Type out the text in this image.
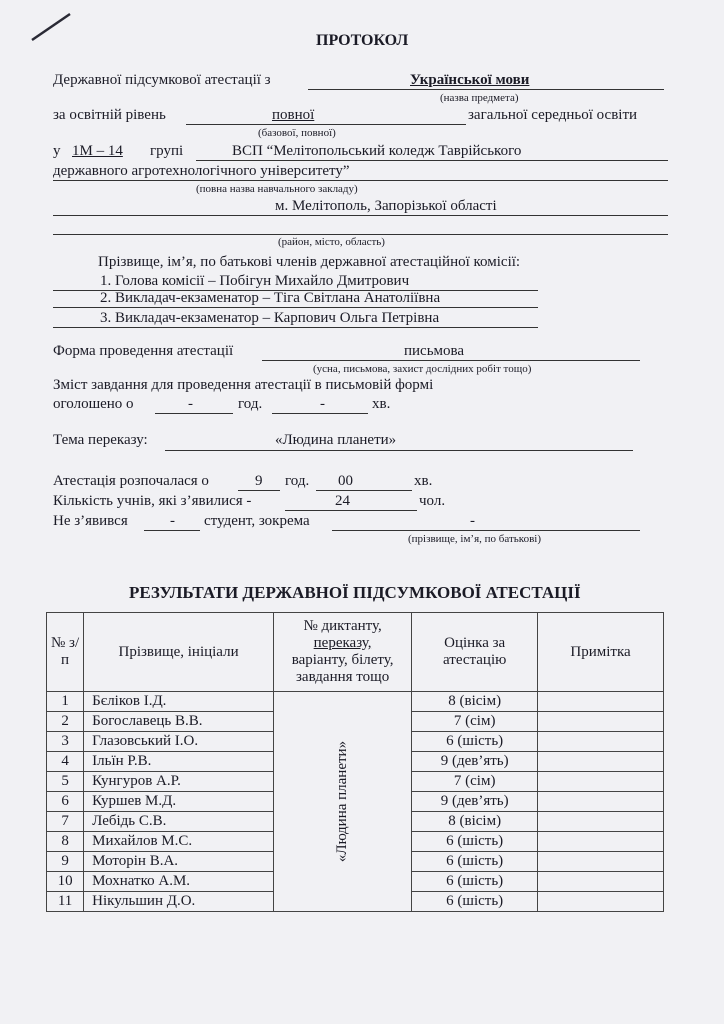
ПРОТОКОЛ
Державної підсумкової атестації з	Української мови
(назва предмета)
за освітній рівень	повної	загальної середньої освіти
(базової, повної)
у 1М – 14 групі	ВСП “Мелітопольський коледж Таврійського
державного агротехнологічного університету”
(повна назва навчального закладу)
м. Мелітополь, Запорізької області
(район, місто, область)
Прізвище, ім’я, по батькові членів державної атестаційної комісії:
1. Голова комісії – Побігун Михайло Дмитрович
2. Викладач-екзаменатор – Тіга Світлана Анатоліївна
3. Викладач-екзаменатор – Карпович Ольга Петрівна
Форма проведення атестації	письмова
(усна, письмова, захист дослідних робіт тощо)
Зміст завдання для проведення атестації в письмовій формі
оголошено о	-	год.	-	хв.
Тема переказу:	«Людина планети»
Атестація розпочалася о	9 год. 00	хв.
Кількість учнів, які з’явилися -	24	чол.
Не з’явився	- студент, зокрема	-
(прізвище, ім’я, по батькові)
РЕЗУЛЬТАТИ ДЕРЖАВНОЇ ПІДСУМКОВОЇ АТЕСТАЦІЇ
№ з/п	Прізвище, ініціали	№ диктанту,
переказу,
варіанту, білету,
завдання тощо	Оцінка за атестацію	Примітка
1	Бєліков І.Д.	«Людина планети»	8 (вісім)	
2	Богославець В.В.		7 (сім)	
3	Глазовський І.О.		6 (шість)	
4	Ільїн Р.В.		9 (дев’ять)	
5	Кунгуров А.Р.		7 (сім)	
6	Куршев М.Д.		9 (дев’ять)	
7	Лебідь С.В.		8 (вісім)	
8	Михайлов М.С.		6 (шість)	
9	Моторін В.А.		6 (шість)	
10	Мохнатко А.М.		6 (шість)	
11	Нікульшин Д.О.		6 (шість)	
